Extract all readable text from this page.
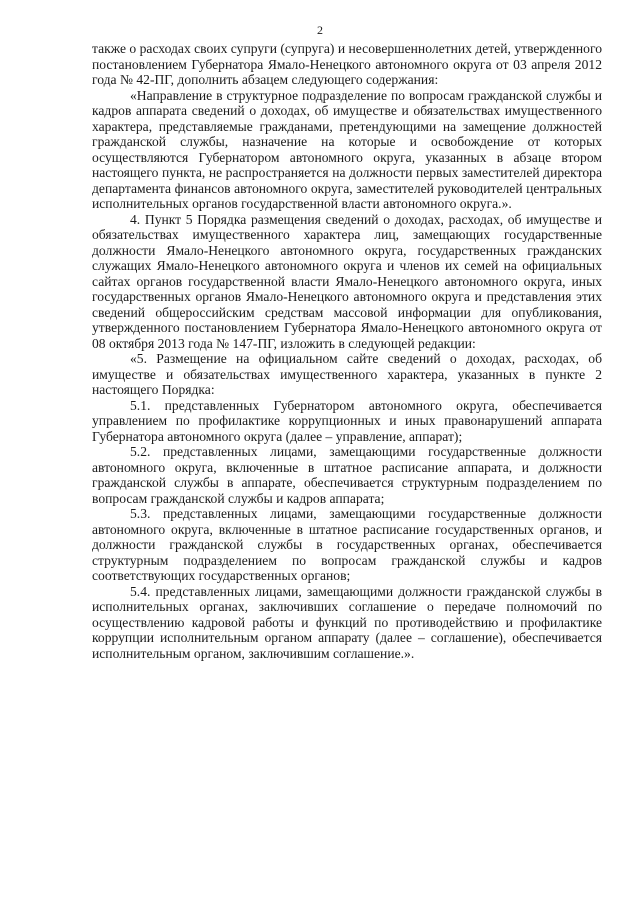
2

также о расходах своих супруги (супруга) и несовершеннолетних детей, утвержденного постановлением Губернатора Ямало-Ненецкого автономного округа от 03 апреля 2012 года № 42-ПГ, дополнить абзацем следующего содержания:

«Направление в структурное подразделение по вопросам гражданской службы и кадров аппарата сведений о доходах, об имуществе и обязательствах имущественного характера, представляемые гражданами, претендующими на замещение должностей гражданской службы, назначение на которые и освобождение от которых осуществляются Губернатором автономного округа, указанных в абзаце втором настоящего пункта, не распространяется на должности первых заместителей директора департамента финансов автономного округа, заместителей руководителей центральных исполнительных органов государственной власти автономного округа.».

4. Пункт 5 Порядка размещения сведений о доходах, расходах, об имуществе и обязательствах имущественного характера лиц, замещающих государственные должности Ямало-Ненецкого автономного округа, государственных гражданских служащих Ямало-Ненецкого автономного округа и членов их семей на официальных сайтах органов государственной власти Ямало-Ненецкого автономного округа, иных государственных органов Ямало-Ненецкого автономного округа и представления этих сведений общероссийским средствам массовой информации для опубликования, утвержденного постановлением Губернатора Ямало-Ненецкого автономного округа от 08 октября 2013 года № 147-ПГ, изложить в следующей редакции:

«5. Размещение на официальном сайте сведений о доходах, расходах, об имуществе и обязательствах имущественного характера, указанных в пункте 2 настоящего Порядка:

5.1. представленных Губернатором автономного округа, обеспечивается управлением по профилактике коррупционных и иных правонарушений аппарата Губернатора автономного округа (далее – управление, аппарат);

5.2. представленных лицами, замещающими государственные должности автономного округа, включенные в штатное расписание аппарата, и должности гражданской службы в аппарате, обеспечивается структурным подразделением по вопросам гражданской службы и кадров аппарата;

5.3. представленных лицами, замещающими государственные должности автономного округа, включенные в штатное расписание государственных органов, и должности гражданской службы в государственных органах, обеспечивается структурным подразделением по вопросам гражданской службы и кадров соответствующих государственных органов;

5.4. представленных лицами, замещающими должности гражданской службы в исполнительных органах, заключивших соглашение о передаче полномочий по осуществлению кадровой работы и функций по противодействию и профилактике коррупции исполнительным органом аппарату (далее – соглашение), обеспечивается исполнительным органом, заключившим соглашение.».
